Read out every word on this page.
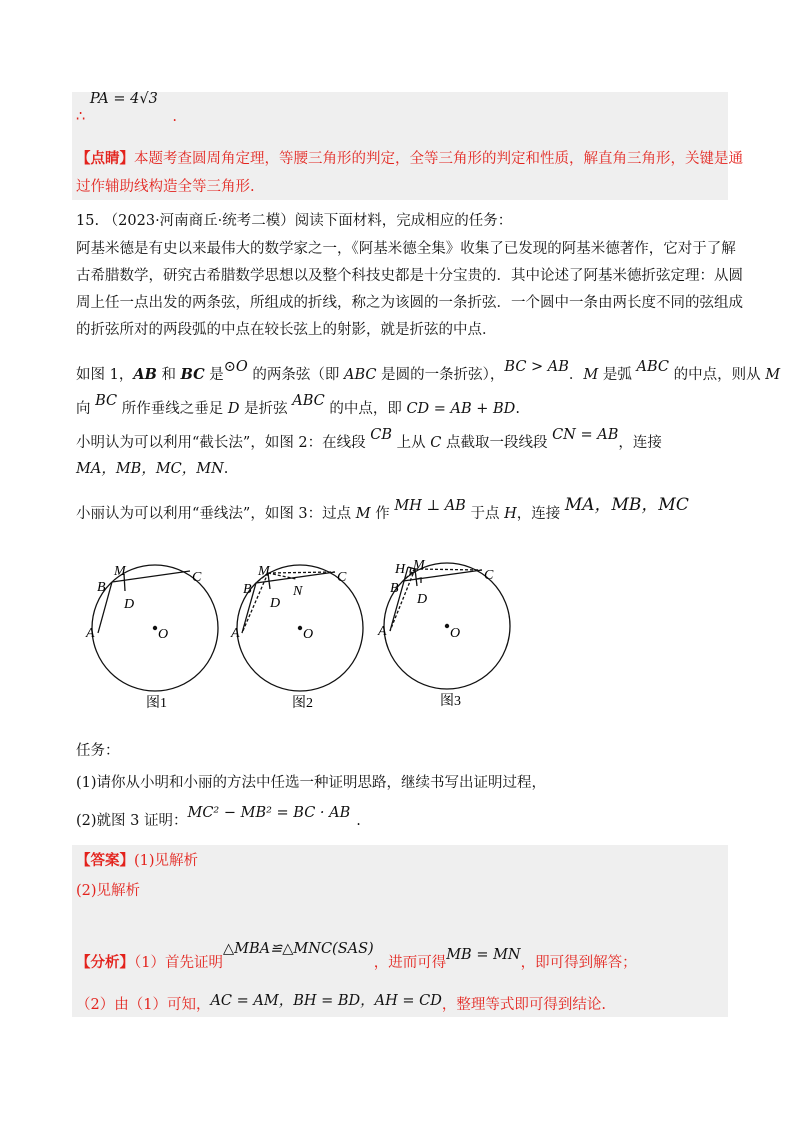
∴ PA = 4√3 .
【点睛】本题考查圆周角定理，等腰三角形的判定，全等三角形的判定和性质，解直角三角形，关键是通
过作辅助线构造全等三角形.
15. （2023·河南商丘·统考二模）阅读下面材料，完成相应的任务：
阿基米德是有史以来最伟大的数学家之一，《阿基米德全集》收集了已发现的阿基米德著作，它对于了解
古希腊数学，研究古希腊数学思想以及整个科技史都是十分宝贵的．其中论述了阿基米德折弦定理：从圆
周上任一点出发的两条弦，所组成的折线，称之为该圆的一条折弦．一个圆中一条由两长度不同的弦组成
的折弦所对的两段弧的中点在较长弦上的射影，就是折弦的中点．
如图 1，AB 和 BC 是⊙O 的两条弦（即 ABC 是圆的一条折弦），BC > AB．M 是弧 ABC 的中点，则从 M
向 BC 所作垂线之垂足 D 是折弦 ABC 的中点，即 CD = AB + BD.
小明认为可以利用“截长法”，如图 2：在线段 CB 上从 C 点截取一段线段 CN = AB，连接
MA，MB，MC，MN.
小丽认为可以利用“垂线法”，如图 3：过点 M 作 MH ⊥ AB 于点 H，连接 MA，MB，MC
M	C
B
D
A	O
图1
M	C
B
D
N
A	O
图2
H M
C
B
D
A	O
图3
任务：
(1)请你从小明和小丽的方法中任选一种证明思路，继续书写出证明过程，
(2)就图 3 证明：MC² − MB² = BC · AB .
【答案】(1)见解析
(2)见解析
【分析】（1）首先证明△MBA≌△MNC(SAS)，进而可得MB = MN，即可得到解答；
（2）由（1）可知，AC = AM，BH = BD，AH = CD，整理等式即可得到结论.
